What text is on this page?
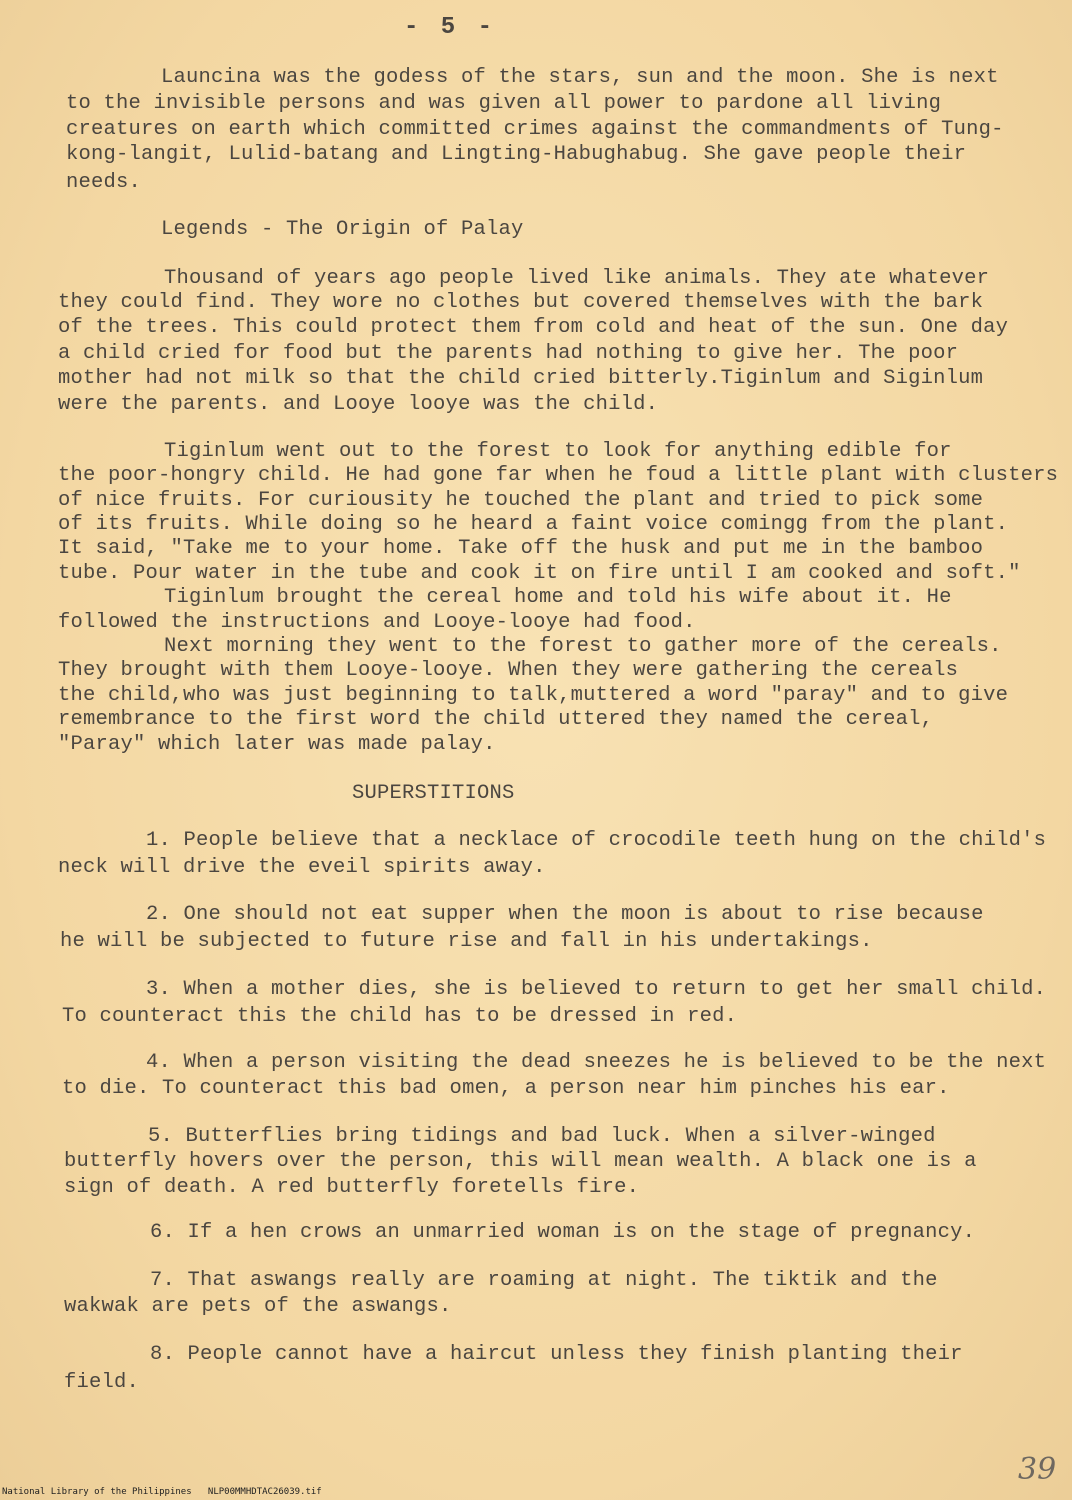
- 5 -
Launcina was the godess of the stars, sun and the moon. She is next
to the invisible persons and was given all power to pardone all living
creatures on earth which committed crimes against the commandments of Tung-
kong-langit, Lulid-batang and Lingting-Habughabug. She gave people their
needs.
Legends - The Origin of Palay
Thousand of years ago people lived like animals. They ate whatever
they could find. They wore no clothes but covered themselves with the bark
of the trees. This could protect them from cold and heat of the sun. One day
a child cried for food but the parents had nothing to give her. The poor
mother had not milk so that the child cried bitterly.Tiginlum and Siginlum
were the parents. and Looye looye was the child.
Tiginlum went out to the forest to look for anything edible for
the poor-hongry child. He had gone far when he foud a little plant with clusters
of nice fruits. For curiousity he touched the plant and tried to pick some
of its fruits. While doing so he heard a faint voice comingg from the plant.
It said, "Take me to your home. Take off the husk and put me in the bamboo
tube. Pour water in the tube and cook it on fire until I am cooked and soft."
Tiginlum brought the cereal home and told his wife about it. He
followed the instructions and Looye-looye had food.
Next morning they went to the forest to gather more of the cereals.
They brought with them Looye-looye. When they were gathering the cereals
the child,who was just beginning to talk,muttered a word "paray" and to give
remembrance to the first word the child uttered they named the cereal,
"Paray" which later was made palay.
SUPERSTITIONS
1. People believe that a necklace of crocodile teeth hung on the child's
neck will drive the eveil spirits away.
2. One should not eat supper when the moon is about to rise because
he will be subjected to future rise and fall in his undertakings.
3. When a mother dies, she is believed to return to get her small child.
To counteract this the child has to be dressed in red.
4. When a person visiting the dead sneezes he is believed to be the next
to die. To counteract this bad omen, a person near him pinches his ear.
5. Butterflies bring tidings and bad luck. When a silver-winged
butterfly hovers over the person, this will mean wealth. A black one is a
sign of death. A red butterfly foretells fire.
6. If a hen crows an unmarried woman is on the stage of pregnancy.
7. That aswangs really are roaming at night. The tiktik and the
wakwak are pets of the aswangs.
8. People cannot have a haircut unless they finish planting their
field.
National Library of the Philippines NLP00MMHDTAC26039.tif
39
